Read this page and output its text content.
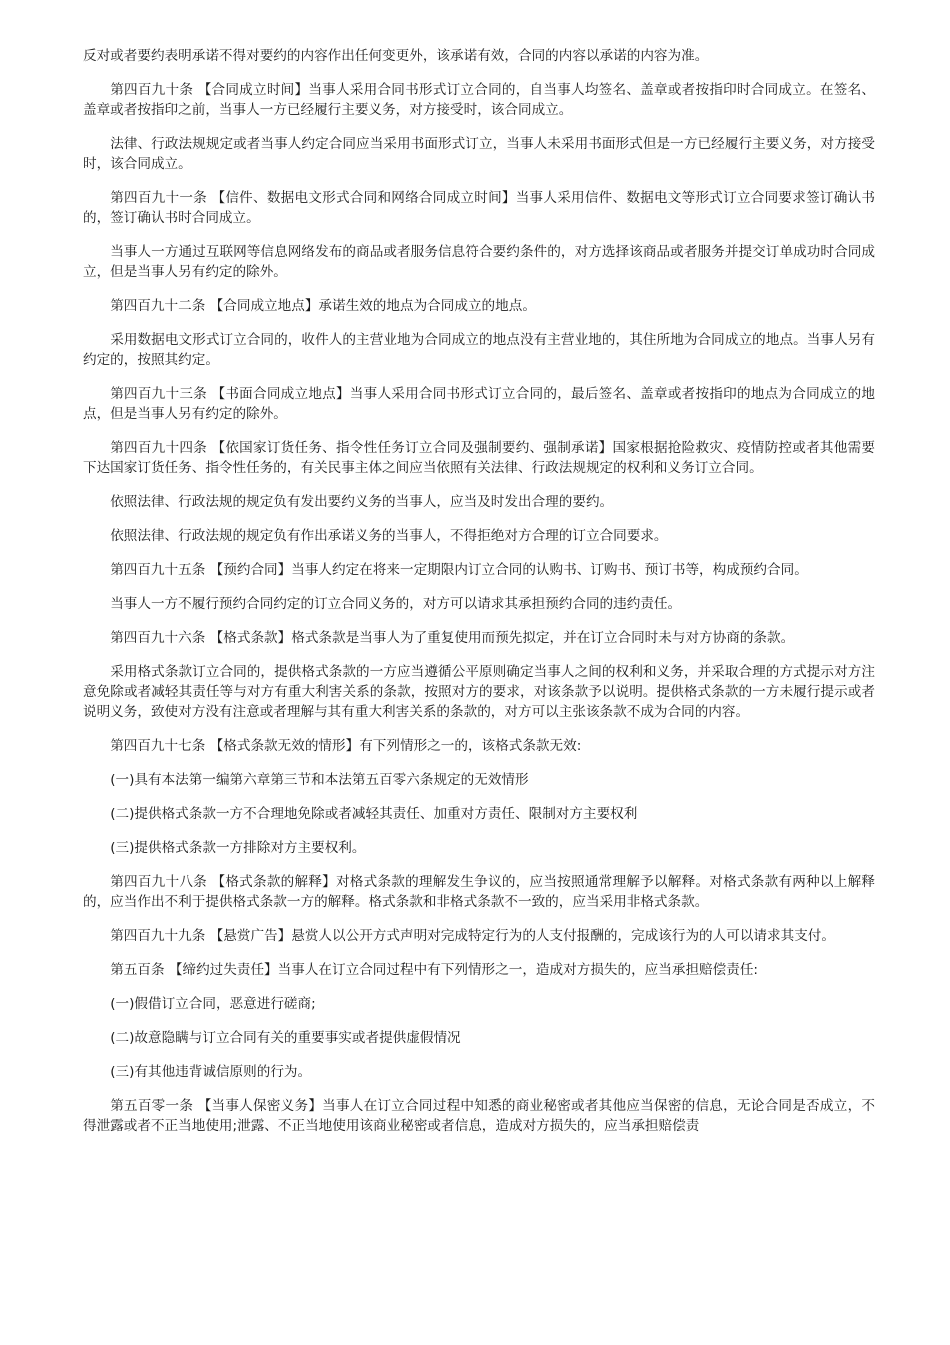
反对或者要约表明承诺不得对要约的内容作出任何变更外，该承诺有效，合同的内容以承诺的内容为准。

第四百九十条 【合同成立时间】当事人采用合同书形式订立合同的，自当事人均签名、盖章或者按指印时合同成立。在签名、盖章或者按指印之前，当事人一方已经履行主要义务，对方接受时，该合同成立。

法律、行政法规规定或者当事人约定合同应当采用书面形式订立，当事人未采用书面形式但是一方已经履行主要义务，对方接受时，该合同成立。

第四百九十一条 【信件、数据电文形式合同和网络合同成立时间】当事人采用信件、数据电文等形式订立合同要求签订确认书的，签订确认书时合同成立。

当事人一方通过互联网等信息网络发布的商品或者服务信息符合要约条件的，对方选择该商品或者服务并提交订单成功时合同成立，但是当事人另有约定的除外。

第四百九十二条 【合同成立地点】承诺生效的地点为合同成立的地点。

采用数据电文形式订立合同的，收件人的主营业地为合同成立的地点没有主营业地的，其住所地为合同成立的地点。当事人另有约定的，按照其约定。

第四百九十三条 【书面合同成立地点】当事人采用合同书形式订立合同的，最后签名、盖章或者按指印的地点为合同成立的地点，但是当事人另有约定的除外。

第四百九十四条 【依国家订货任务、指令性任务订立合同及强制要约、强制承诺】国家根据抢险救灾、疫情防控或者其他需要下达国家订货任务、指令性任务的，有关民事主体之间应当依照有关法律、行政法规规定的权利和义务订立合同。

依照法律、行政法规的规定负有发出要约义务的当事人，应当及时发出合理的要约。

依照法律、行政法规的规定负有作出承诺义务的当事人，不得拒绝对方合理的订立合同要求。

第四百九十五条 【预约合同】当事人约定在将来一定期限内订立合同的认购书、订购书、预订书等，构成预约合同。

当事人一方不履行预约合同约定的订立合同义务的，对方可以请求其承担预约合同的违约责任。

第四百九十六条 【格式条款】格式条款是当事人为了重复使用而预先拟定，并在订立合同时未与对方协商的条款。

采用格式条款订立合同的，提供格式条款的一方应当遵循公平原则确定当事人之间的权利和义务，并采取合理的方式提示对方注意免除或者减轻其责任等与对方有重大利害关系的条款，按照对方的要求，对该条款予以说明。提供格式条款的一方未履行提示或者说明义务，致使对方没有注意或者理解与其有重大利害关系的条款的，对方可以主张该条款不成为合同的内容。

第四百九十七条 【格式条款无效的情形】有下列情形之一的，该格式条款无效:

(一)具有本法第一编第六章第三节和本法第五百零六条规定的无效情形

(二)提供格式条款一方不合理地免除或者减轻其责任、加重对方责任、限制对方主要权利

(三)提供格式条款一方排除对方主要权利。

第四百九十八条 【格式条款的解释】对格式条款的理解发生争议的，应当按照通常理解予以解释。对格式条款有两种以上解释的，应当作出不利于提供格式条款一方的解释。格式条款和非格式条款不一致的，应当采用非格式条款。

第四百九十九条 【悬赏广告】悬赏人以公开方式声明对完成特定行为的人支付报酬的，完成该行为的人可以请求其支付。

第五百条 【缔约过失责任】当事人在订立合同过程中有下列情形之一，造成对方损失的，应当承担赔偿责任:

(一)假借订立合同，恶意进行磋商;

(二)故意隐瞒与订立合同有关的重要事实或者提供虚假情况

(三)有其他违背诚信原则的行为。

第五百零一条 【当事人保密义务】当事人在订立合同过程中知悉的商业秘密或者其他应当保密的信息，无论合同是否成立，不得泄露或者不正当地使用;泄露、不正当地使用该商业秘密或者信息，造成对方损失的，应当承担赔偿责
